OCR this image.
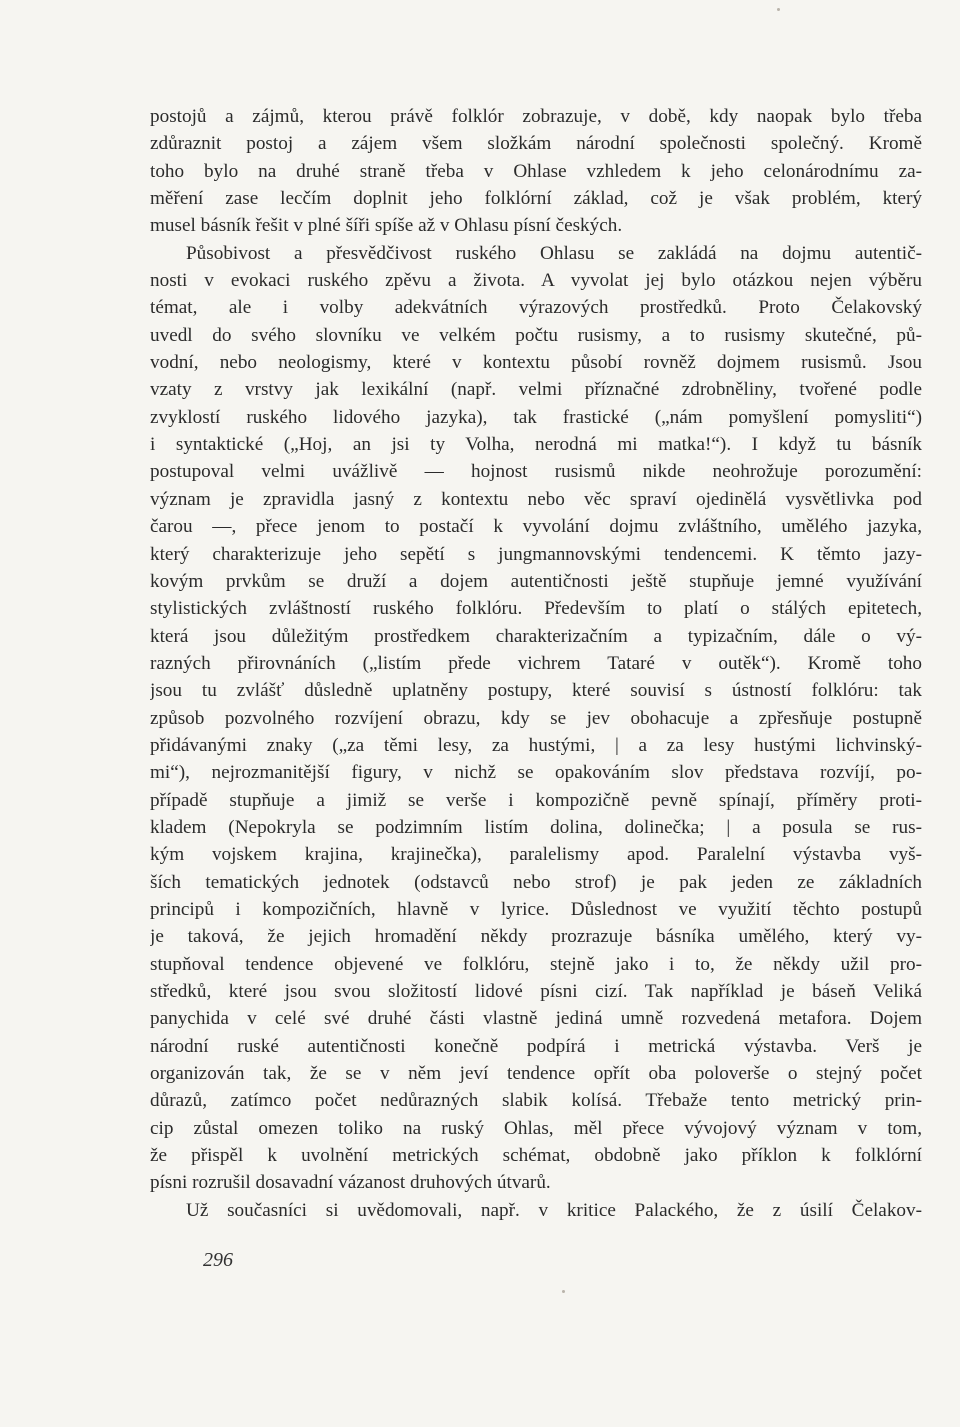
postojů a zájmů, kterou právě folklór zobrazuje, v době, kdy naopak bylo třeba
zdůraznit postoj a zájem všem složkám národní společnosti společný. Kromě
toho bylo na druhé straně třeba v Ohlase vzhledem k jeho celonárodnímu za-
měření zase lecčím doplnit jeho folklórní základ, což je však problém, který
musel básník řešit v plné šíři spíše až v Ohlasu písní českých.
Působivost a přesvědčivost ruského Ohlasu se zakládá na dojmu autentič-
nosti v evokaci ruského zpěvu a života. A vyvolat jej bylo otázkou nejen výběru
témat, ale i volby adekvátních výrazových prostředků. Proto Čelakovský
uvedl do svého slovníku ve velkém počtu rusismy, a to rusismy skutečné, pů-
vodní, nebo neologismy, které v kontextu působí rovněž dojmem rusismů. Jsou
vzaty z vrstvy jak lexikální (např. velmi příznačné zdrobněliny, tvořené podle
zvyklostí ruského lidového jazyka), tak frastické („nám pomyšlení pomysliti“)
i syntaktické („Hoj, an jsi ty Volha, nerodná mi matka!“). I když tu básník
postupoval velmi uvážlivě — hojnost rusismů nikde neohrožuje porozumění:
význam je zpravidla jasný z kontextu nebo věc spraví ojedinělá vysvětlivka pod
čarou —, přece jenom to postačí k vyvolání dojmu zvláštního, umělého jazyka,
který charakterizuje jeho sepětí s jungmannovskými tendencemi. K těmto jazy-
kovým prvkům se druží a dojem autentičnosti ještě stupňuje jemné využívání
stylistických zvláštností ruského folklóru. Především to platí o stálých epitetech,
která jsou důležitým prostředkem charakterizačním a typizačním, dále o vý-
razných přirovnáních („listím přede vichrem Tataré v outěk“). Kromě toho
jsou tu zvlášť důsledně uplatněny postupy, které souvisí s ústností folklóru: tak
způsob pozvolného rozvíjení obrazu, kdy se jev obohacuje a zpřesňuje postupně
přidávanými znaky („za těmi lesy, za hustými, | a za lesy hustými lichvinský-
mi“), nejrozmanitější figury, v nichž se opakováním slov představa rozvíjí, po-
případě stupňuje a jimiž se verše i kompozičně pevně spínají, příměry proti-
kladem (Nepokryla se podzimním listím dolina, dolinečka; | a posula se rus-
kým vojskem krajina, krajinečka), paralelismy apod. Paralelní výstavba vyš-
ších tematických jednotek (odstavců nebo strof) je pak jeden ze základních
principů i kompozičních, hlavně v lyrice. Důslednost ve využití těchto postupů
je taková, že jejich hromadění někdy prozrazuje básníka umělého, který vy-
stupňoval tendence objevené ve folklóru, stejně jako i to, že někdy užil pro-
středků, které jsou svou složitostí lidové písni cizí. Tak například je báseň Veliká
panychida v celé své druhé části vlastně jediná umně rozvedená metafora. Dojem
národní ruské autentičnosti konečně podpírá i metrická výstavba. Verš je
organizován tak, že se v něm jeví tendence opřít oba poloverše o stejný počet
důrazů, zatímco počet nedůrazných slabik kolísá. Třebaže tento metrický prin-
cip zůstal omezen toliko na ruský Ohlas, měl přece vývojový význam v tom,
že přispěl k uvolnění metrických schémat, obdobně jako příklon k folklórní
písni rozrušil dosavadní vázanost druhových útvarů.
Už současníci si uvědomovali, např. v kritice Palackého, že z úsilí Čelakov-
296
